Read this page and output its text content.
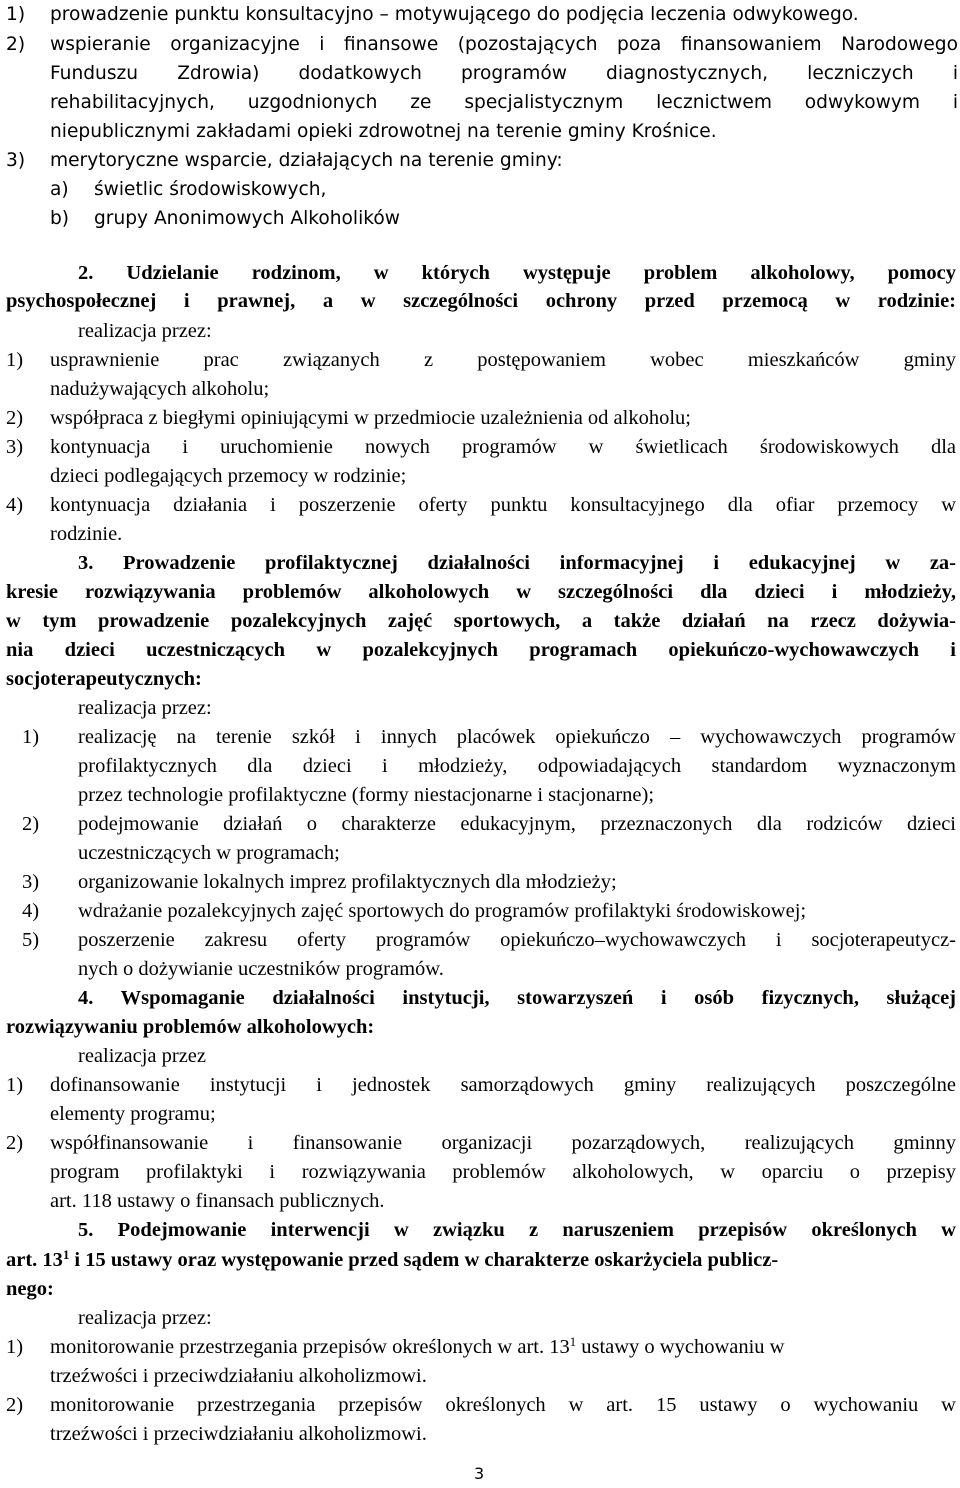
1) prowadzenie punktu konsultacyjno – motywującego do podjęcia leczenia odwykowego.
2) wspieranie organizacyjne i finansowe (pozostających poza finansowaniem Narodowego
Funduszu Zdrowia) dodatkowych programów diagnostycznych, leczniczych i
rehabilitacyjnych, uzgodnionych ze specjalistycznym lecznictwem odwykowym i
niepublicznymi zakładami opieki zdrowotnej na terenie gminy Krośnice.
3) merytoryczne wsparcie, działających na terenie gminy:
a) świetlic środowiskowych,
b) grupy Anonimowych Alkoholików
2. Udzielanie rodzinom, w których występuje problem alkoholowy, pomocy
psychospołecznej i prawnej, a w szczególności ochrony przed przemocą w rodzinie:
realizacja przez:
1) usprawnienie prac związanych z postępowaniem wobec mieszkańców gminy
nadużywających alkoholu;
2) współpraca z biegłymi opiniującymi w przedmiocie uzależnienia od alkoholu;
3) kontynuacja i uruchomienie nowych programów w świetlicach środowiskowych dla
dzieci podlegających przemocy w rodzinie;
4) kontynuacja działania i poszerzenie oferty punktu konsultacyjnego dla ofiar przemocy w
rodzinie.
3. Prowadzenie profilaktycznej działalności informacyjnej i edukacyjnej w za-
kresie rozwiązywania problemów alkoholowych w szczególności dla dzieci i młodzieży,
w tym prowadzenie pozalekcyjnych zajęć sportowych, a także działań na rzecz dożywia-
nia dzieci uczestniczących w pozalekcyjnych programach opiekuńczo-wychowawczych i
socjoterapeutycznych:
realizacja przez:
1) realizację na terenie szkół i innych placówek opiekuńczo – wychowawczych programów
profilaktycznych dla dzieci i młodzieży, odpowiadających standardom wyznaczonym
przez technologie profilaktyczne (formy niestacjonarne i stacjonarne);
2) podejmowanie działań o charakterze edukacyjnym, przeznaczonych dla rodziców dzieci
uczestniczących w programach;
3) organizowanie lokalnych imprez profilaktycznych dla młodzieży;
4) wdrażanie pozalekcyjnych zajęć sportowych do programów profilaktyki środowiskowej;
5) poszerzenie zakresu oferty programów opiekuńczo–wychowawczych i socjoterapeutycz-
nych o dożywianie uczestników programów.
4. Wspomaganie działalności instytucji, stowarzyszeń i osób fizycznych, służącej
rozwiązywaniu problemów alkoholowych:
realizacja przez
1) dofinansowanie instytucji i jednostek samorządowych gminy realizujących poszczególne
elementy programu;
2) współfinansowanie i finansowanie organizacji pozarządowych, realizujących gminny
program profilaktyki i rozwiązywania problemów alkoholowych, w oparciu o przepisy
art. 118 ustawy o finansach publicznych.
5. Podejmowanie interwencji w związku z naruszeniem przepisów określonych w
art. $13^1$ i 15 ustawy oraz występowanie przed sądem w charakterze oskarżyciela publicz-
nego:
realizacja przez:
1) monitorowanie przestrzegania przepisów określonych w art. $13^1$ ustawy o wychowaniu w
trzeźwości i przeciwdziałaniu alkoholizmowi.
2) monitorowanie przestrzegania przepisów określonych w art. 15 ustawy o wychowaniu w
trzeźwości i przeciwdziałaniu alkoholizmowi.
3
